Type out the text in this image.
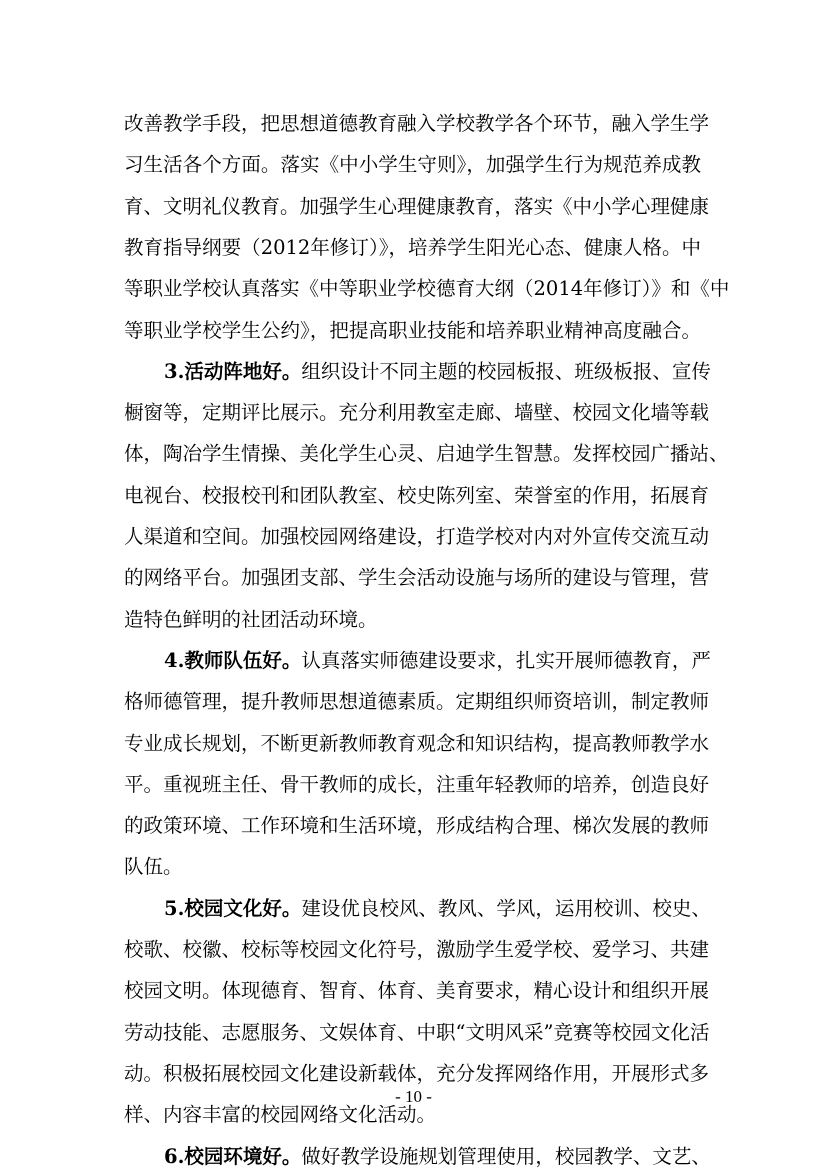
改善教学手段，把思想道德教育融入学校教学各个环节，融入学生学
习生活各个方面。落实《中小学生守则》，加强学生行为规范养成教
育、文明礼仪教育。加强学生心理健康教育，落实《中小学心理健康
教育指导纲要（2012年修订）》，培养学生阳光心态、健康人格。中
等职业学校认真落实《中等职业学校德育大纲（2014年修订）》和《中
等职业学校学生公约》，把提高职业技能和培养职业精神高度融合。
3.活动阵地好。组织设计不同主题的校园板报、班级板报、宣传
橱窗等，定期评比展示。充分利用教室走廊、墙壁、校园文化墙等载
体，陶冶学生情操、美化学生心灵、启迪学生智慧。发挥校园广播站、
电视台、校报校刊和团队教室、校史陈列室、荣誉室的作用，拓展育
人渠道和空间。加强校园网络建设，打造学校对内对外宣传交流互动
的网络平台。加强团支部、学生会活动设施与场所的建设与管理，营
造特色鲜明的社团活动环境。
4.教师队伍好。认真落实师德建设要求，扎实开展师德教育，严
格师德管理，提升教师思想道德素质。定期组织师资培训，制定教师
专业成长规划，不断更新教师教育观念和知识结构，提高教师教学水
平。重视班主任、骨干教师的成长，注重年轻教师的培养，创造良好
的政策环境、工作环境和生活环境，形成结构合理、梯次发展的教师
队伍。
5.校园文化好。建设优良校风、教风、学风，运用校训、校史、
校歌、校徽、校标等校园文化符号，激励学生爱学校、爱学习、共建
校园文明。体现德育、智育、体育、美育要求，精心设计和组织开展
劳动技能、志愿服务、文娱体育、中职“文明风采”竞赛等校园文化活
动。积极拓展校园文化建设新载体，充分发挥网络作用，开展形式多
样、内容丰富的校园网络文化活动。
6.校园环境好。做好教学设施规划管理使用，校园教学、文艺、
- 10 -
